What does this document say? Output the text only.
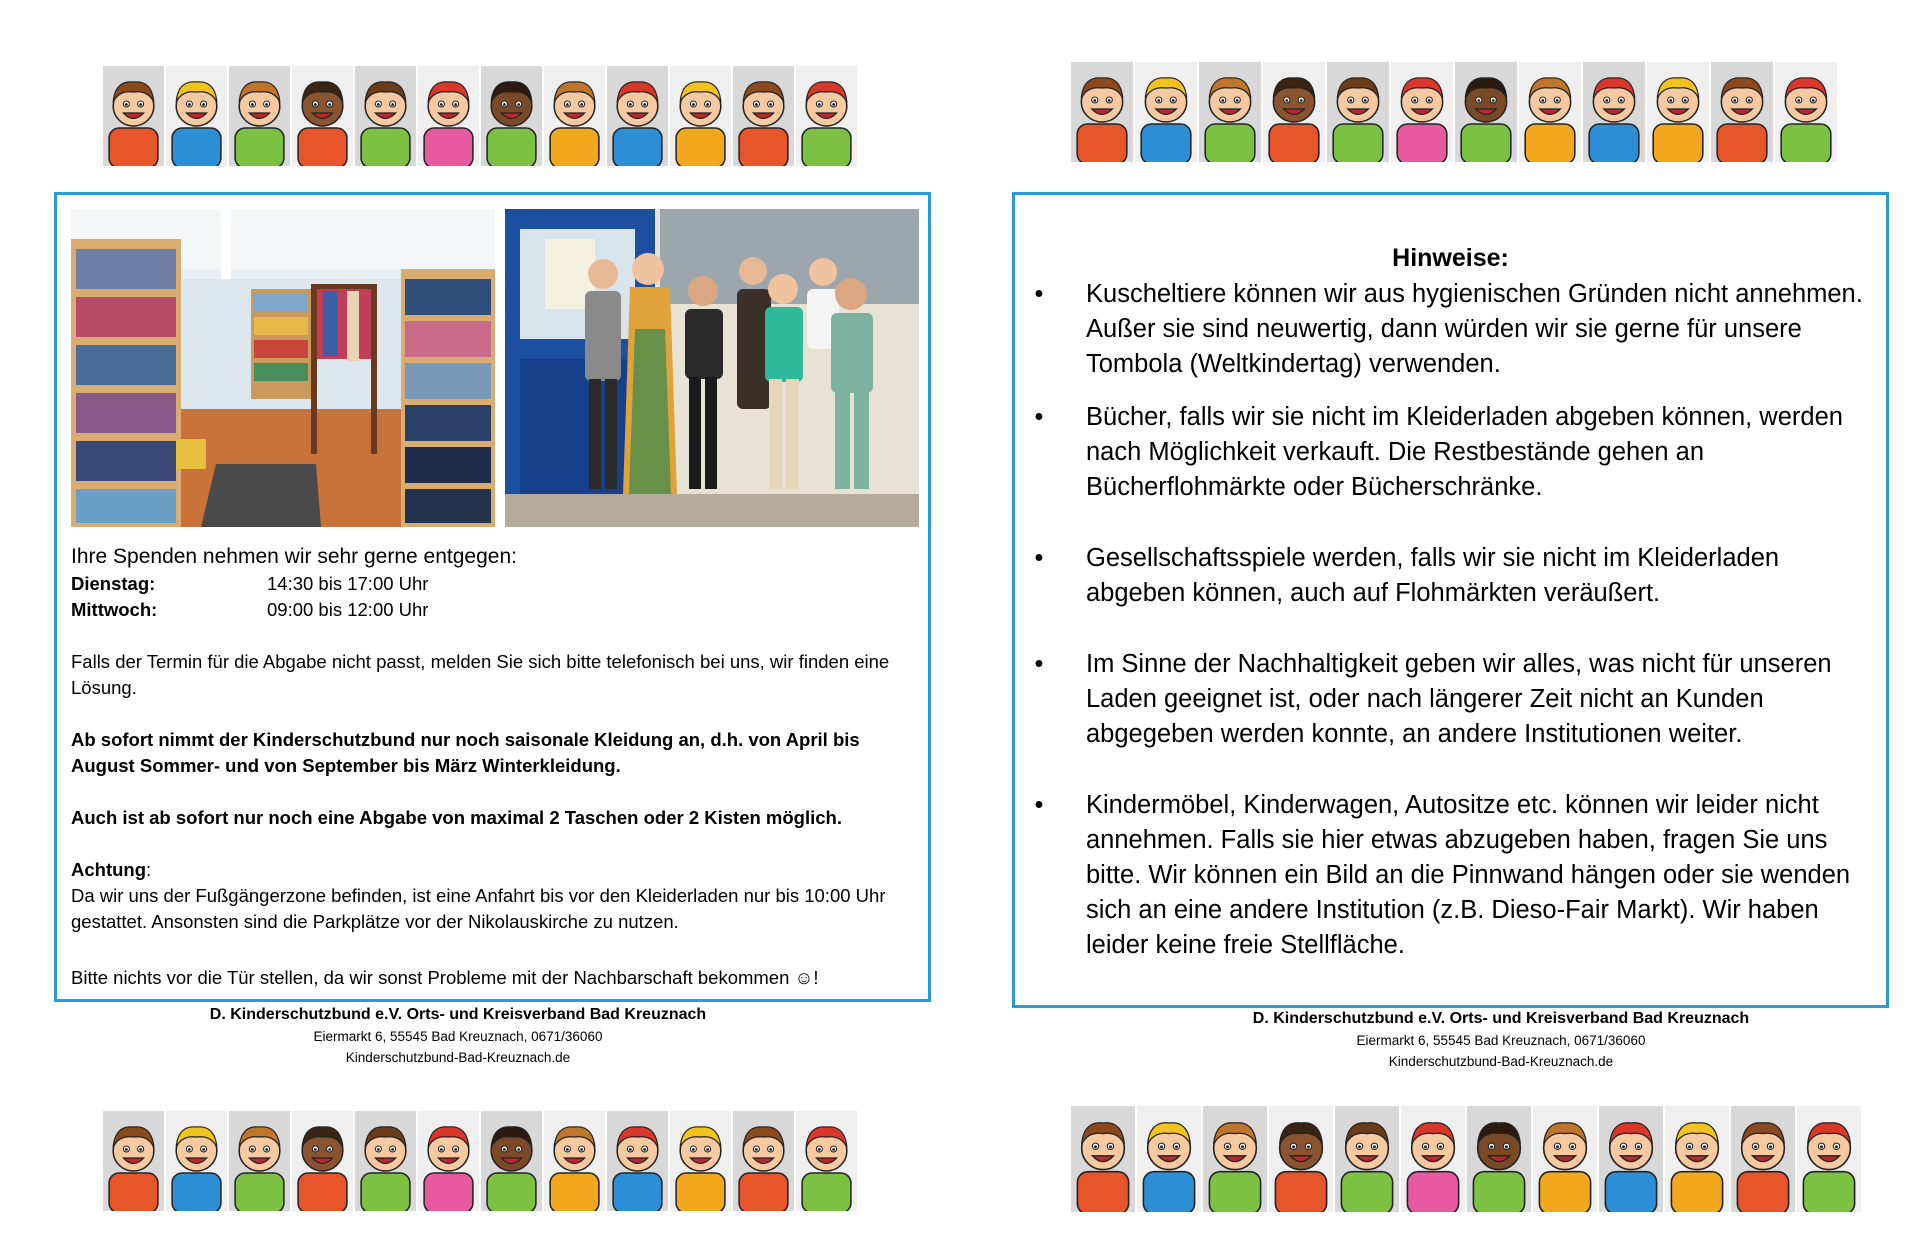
Ihre Spenden nehmen wir sehr gerne entgegen:

Dienstag:	14:30 bis 17:00 Uhr
Mittwoch:	09:00 bis 12:00 Uhr

Falls der Termin für die Abgabe nicht passt, melden Sie sich bitte telefonisch bei uns, wir finden eine Lösung.

Ab sofort nimmt der Kinderschutzbund nur noch saisonale Kleidung an, d.h. von April bis August Sommer- und von September bis März Winterkleidung.

Auch ist ab sofort nur noch eine Abgabe von maximal 2 Taschen oder 2 Kisten möglich.

Achtung:
Da wir uns der Fußgängerzone befinden, ist eine Anfahrt bis vor den Kleiderladen nur bis 10:00 Uhr gestattet. Ansonsten sind die Parkplätze vor der Nikolauskirche zu nutzen.

Bitte nichts vor die Tür stellen, da wir sonst Probleme mit der Nachbarschaft bekommen ☺!

Hinweise:
• Kuscheltiere können wir aus hygienischen Gründen nicht annehmen. Außer sie sind neuwertig, dann würden wir sie gerne für unsere Tombola (Weltkindertag) verwenden.
• Bücher, falls wir sie nicht im Kleiderladen abgeben können, werden nach Möglichkeit verkauft. Die Restbestände gehen an Bücherflohmärkte oder Bücherschränke.
• Gesellschaftsspiele werden, falls wir sie nicht im Kleiderladen abgeben können, auch auf Flohmärkten veräußert.
• Im Sinne der Nachhaltigkeit geben wir alles, was nicht für unseren Laden geeignet ist, oder nach längerer Zeit nicht an Kunden abgegeben werden konnte, an andere Institutionen weiter.
• Kindermöbel, Kinderwagen, Autositze etc. können wir leider nicht annehmen. Falls sie hier etwas abzugeben haben, fragen Sie uns bitte. Wir können ein Bild an die Pinnwand hängen oder sie wenden sich an eine andere Institution (z.B. Dieso-Fair Markt). Wir haben leider keine freie Stellfläche.
D. Kinderschutzbund e.V. Orts- und Kreisverband Bad Kreuznach
Eiermarkt 6, 55545 Bad Kreuznach, 0671/36060
Kinderschutzbund-Bad-Kreuznach.de
D. Kinderschutzbund e.V. Orts- und Kreisverband Bad Kreuznach
Eiermarkt 6, 55545 Bad Kreuznach, 0671/36060
Kinderschutzbund-Bad-Kreuznach.de
